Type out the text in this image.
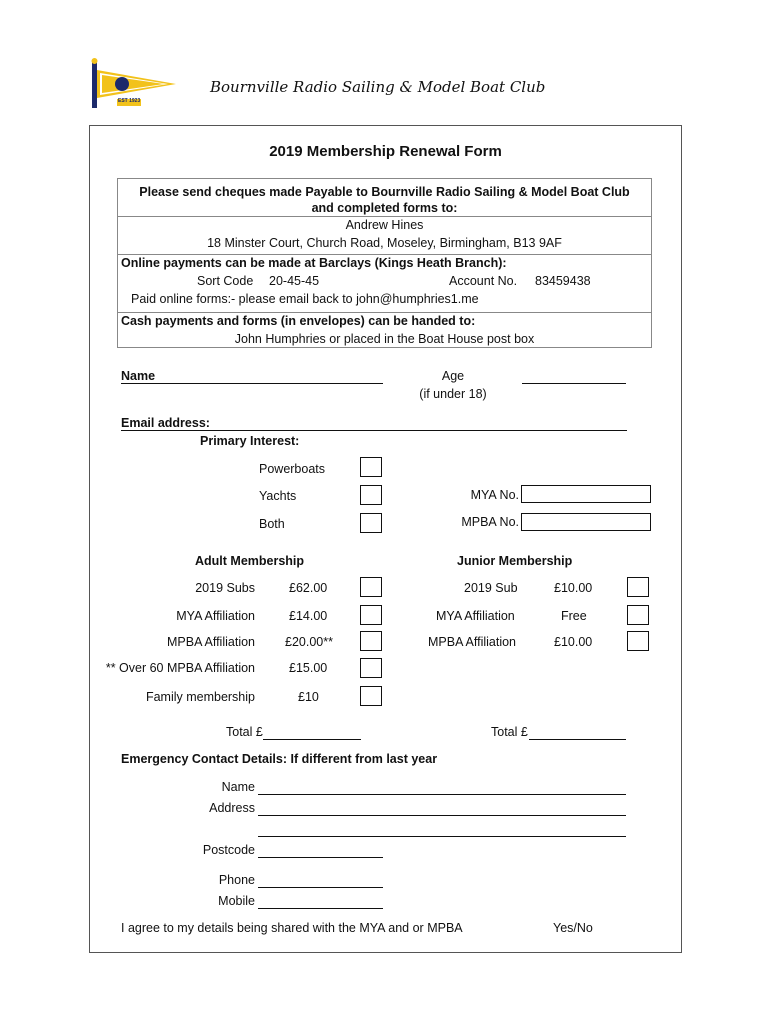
EST 1923
Bournville Radio Sailing & Model Boat Club
2019 Membership Renewal Form
Please send cheques made Payable to Bournville Radio Sailing & Model Boat Club
and completed forms to:
Andrew Hines
18 Minster Court, Church Road, Moseley, Birmingham, B13 9AF
Online payments can be made at Barclays (Kings Heath Branch):
Sort Code 20-45-45	Account No. 83459438
Paid online forms:- please email back to john@humphries1.me
Cash payments and forms (in envelopes) can be handed to:
John Humphries or placed in the Boat House post box
Name	Age
(if under 18)
Email address:
Primary Interest:
Powerboats
Yachts
Both
MYA No.
MPBA No.
Adult Membership
2019 Subs	£62.00
MYA Affiliation	£14.00
MPBA Affiliation £20.00**
** Over 60 MPBA Affiliation	£15.00
Family membership	£10
Total £
Junior Membership
2019 Sub	£10.00
MYA Affiliation	Free
MPBA Affiliation	£10.00
Total £
Emergency Contact Details: If different from last year
Name
Address
Postcode
Phone
Mobile
I agree to my details being shared with the MYA and or MPBA	Yes/No
